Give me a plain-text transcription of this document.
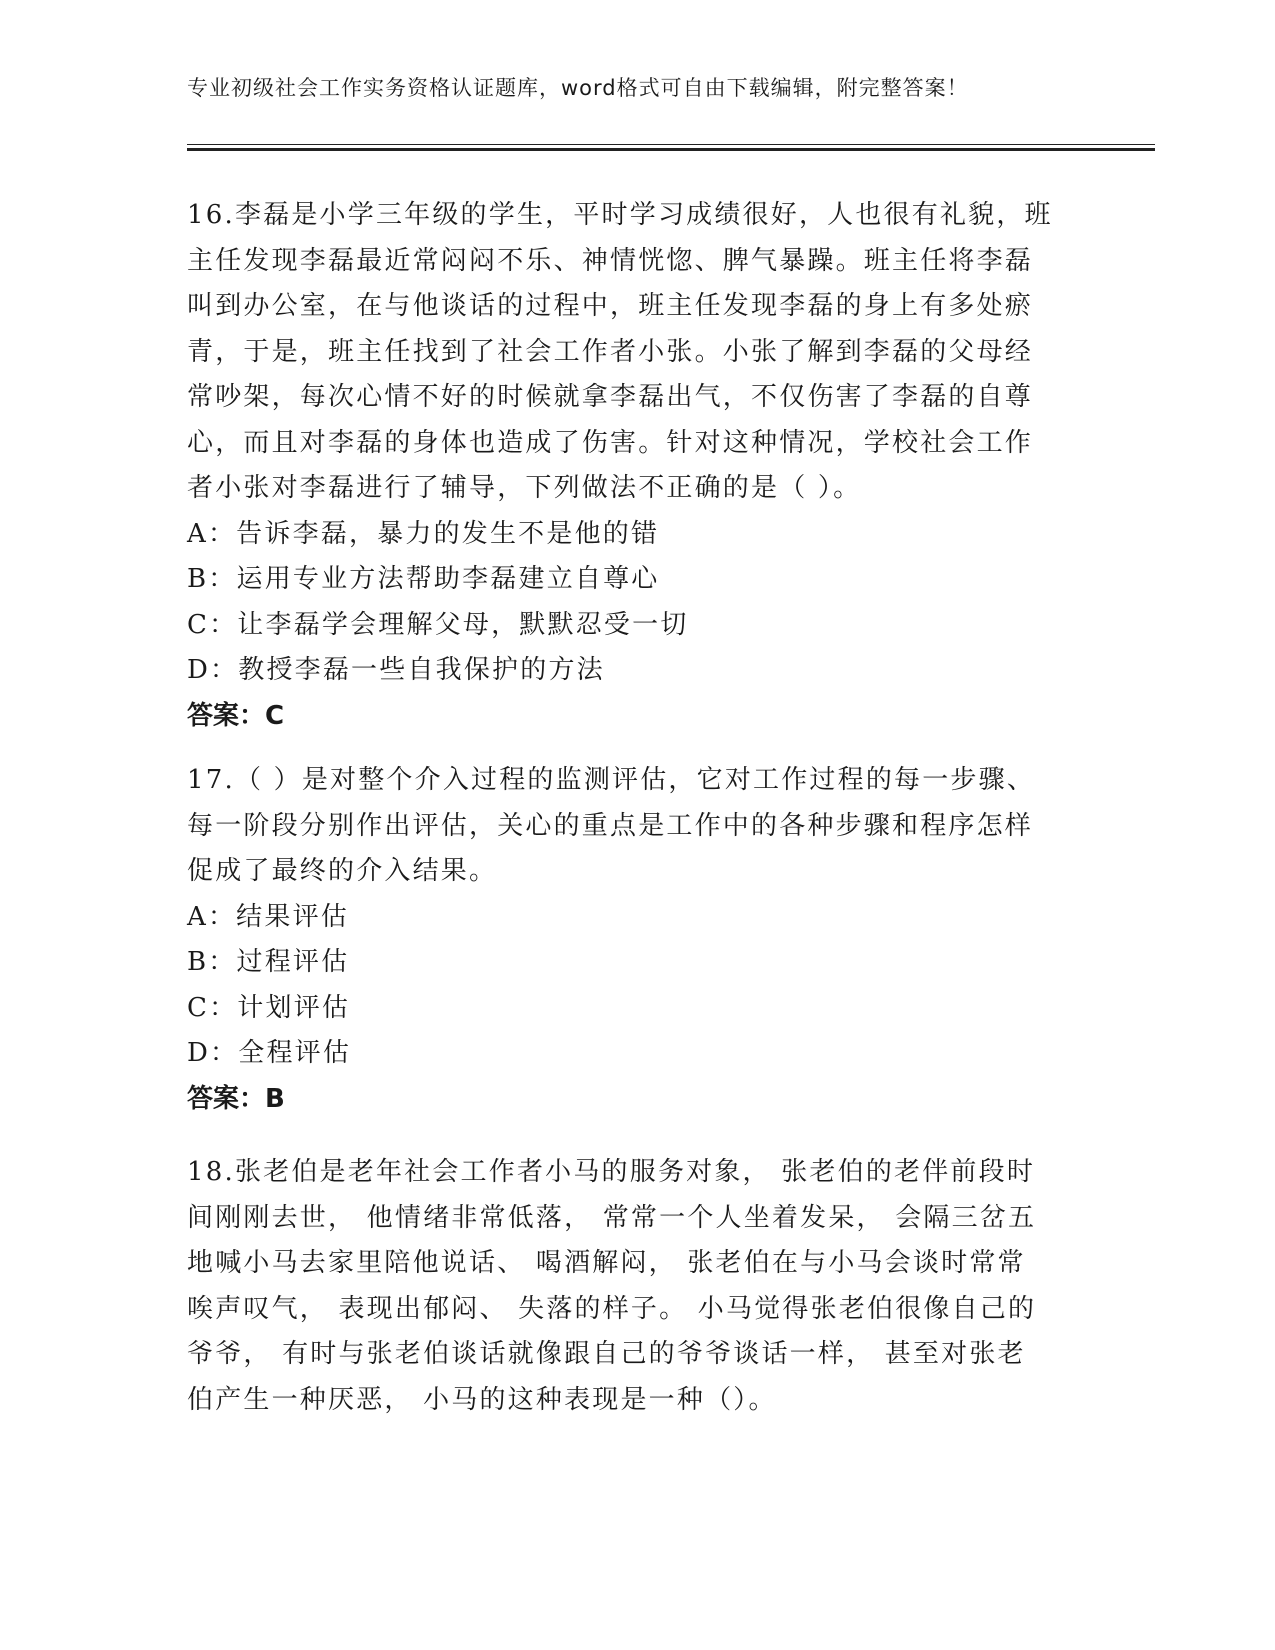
专业初级社会工作实务资格认证题库，word格式可自由下载编辑，附完整答案！

16.李磊是小学三年级的学生，平时学习成绩很好，人也很有礼貌，班
主任发现李磊最近常闷闷不乐、神情恍惚、脾气暴躁。班主任将李磊
叫到办公室，在与他谈话的过程中，班主任发现李磊的身上有多处瘀
青，于是，班主任找到了社会工作者小张。小张了解到李磊的父母经
常吵架，每次心情不好的时候就拿李磊出气，不仅伤害了李磊的自尊
心，而且对李磊的身体也造成了伤害。针对这种情况，学校社会工作
者小张对李磊进行了辅导，下列做法不正确的是（ ）。

A：告诉李磊，暴力的发生不是他的错
B：运用专业方法帮助李磊建立自尊心
C：让李磊学会理解父母，默默忍受一切
D：教授李磊一些自我保护的方法
答案：C

17.（ ）是对整个介入过程的监测评估，它对工作过程的每一步骤、
每一阶段分别作出评估，关心的重点是工作中的各种步骤和程序怎样
促成了最终的介入结果。

A：结果评估
B：过程评估
C：计划评估
D：全程评估
答案：B

18.张老伯是老年社会工作者小马的服务对象， 张老伯的老伴前段时
间刚刚去世， 他情绪非常低落， 常常一个人坐着发呆， 会隔三岔五
地喊小马去家里陪他说话、 喝酒解闷， 张老伯在与小马会谈时常常
唉声叹气， 表现出郁闷、 失落的样子。 小马觉得张老伯很像自己的
爷爷， 有时与张老伯谈话就像跟自己的爷爷谈话一样， 甚至对张老
伯产生一种厌恶， 小马的这种表现是一种（）。
